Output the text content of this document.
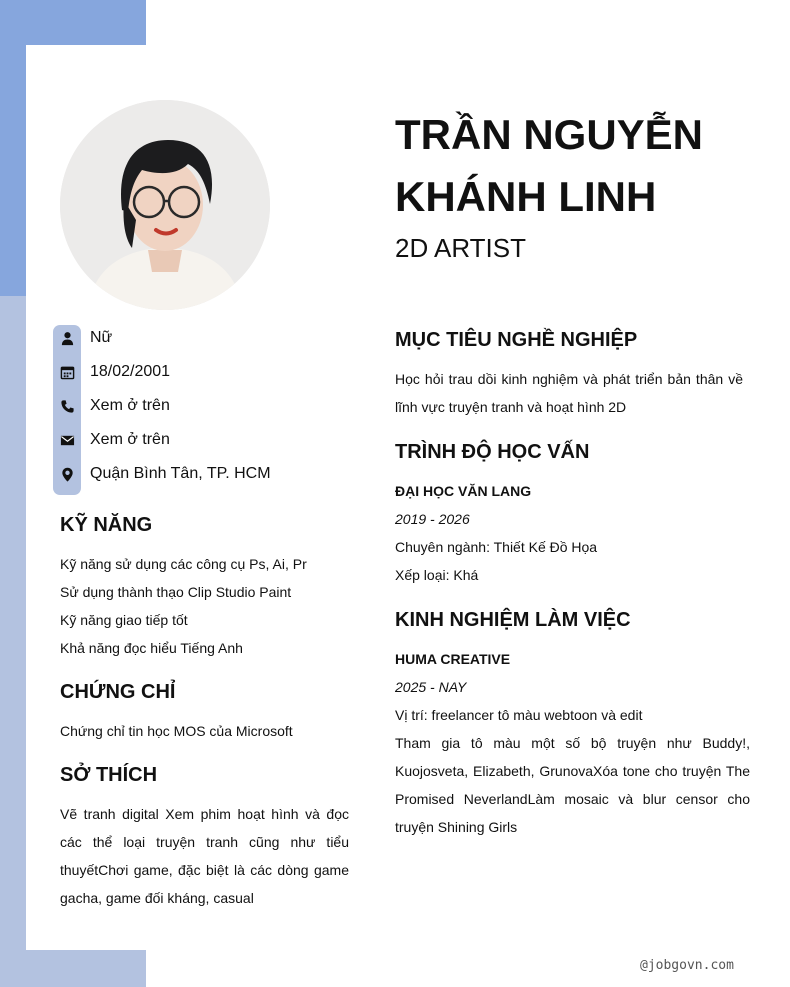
Nữ
18/02/2001
Xem ở trên
Xem ở trên
Quận Bình Tân, TP. HCM
KỸ NĂNG
Kỹ năng sử dụng các công cụ Ps, Ai, Pr
Sử dụng thành thạo Clip Studio Paint
Kỹ năng giao tiếp tốt
Khả năng đọc hiểu Tiếng Anh
CHỨNG CHỈ
Chứng chỉ tin học MOS của Microsoft
SỞ THÍCH
Vẽ tranh digital Xem phim hoạt hình và đọc các thể loại truyện tranh cũng như tiểu thuyếtChơi game, đặc biệt là các dòng game gacha, game đối kháng, casual
TRẦN NGUYỄN KHÁNH LINH
2D ARTIST
MỤC TIÊU NGHỀ NGHIỆP
Học hỏi trau dồi kinh nghiệm và phát triển bản thân về lĩnh vực truyện tranh và hoạt hình 2D
TRÌNH ĐỘ HỌC VẤN
ĐẠI HỌC VĂN LANG
2019 - 2026
Chuyên ngành: Thiết Kế Đồ Họa
Xếp loại: Khá
KINH NGHIỆM LÀM VIỆC
HUMA CREATIVE
2025 - NAY
Vị trí: freelancer tô màu webtoon và edit
Tham gia tô màu một số bộ truyện như Buddy!, Kuojosveta, Elizabeth, GrunovaXóa tone cho truyện The Promised NeverlandLàm mosaic và blur censor cho truyện Shining Girls
@jobgovn.com
